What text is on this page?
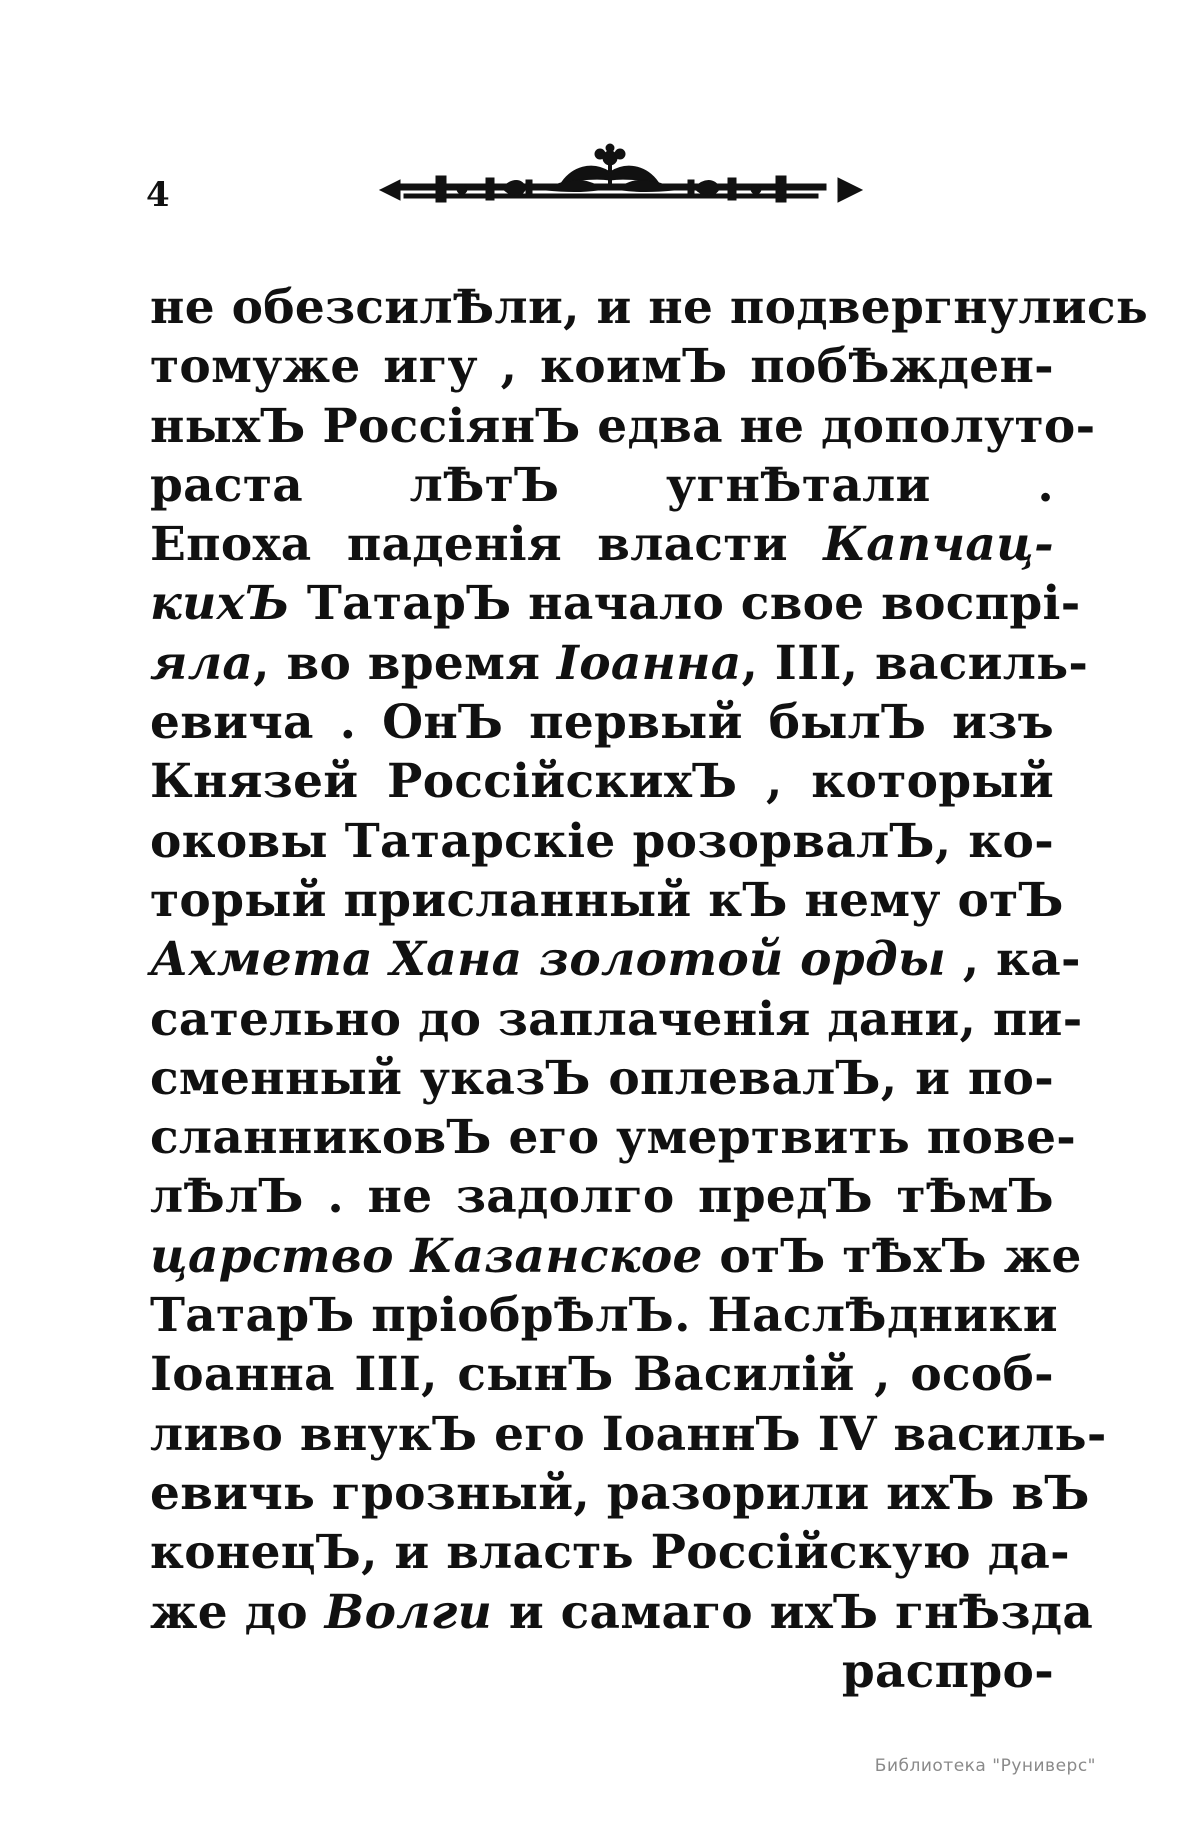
4
не обезсилѢли, и не подвергнулись
томужe игу , коимЪ побѢжден-
ныхЪ РоссiянЪ едва не дополуто-
раста лѢтЪ угнѢтали .
Епоха паденiя власти Капчац-
кихЪ ТатарЪ начало свое воспрi-
яла, во время Iоанна, III, василь-
евича . ОнЪ первый былЪ изъ
Князей РоссiйскихЪ , который
оковы Татарскiе розорвалЪ, ко-
торый присланный кЪ нему отЪ
Ахмета Хана золотой орды , ка-
сательно до заплаченiя дани, пи-
сменный указЪ оплевалЪ, и по-
сланниковЪ его умертвить пове-
лѢлЪ . не задолго предЪ тѢмЪ
царство Казанское отЪ тѢхЪ же
ТатарЪ прiобрѢлЪ. НаслѢдники
Iоанна III, сынЪ Василiй , особ-
ливо внукЪ его IоаннЪ IV василь-
евичь грозный, разорили ихЪ вЪ
конецЪ, и власть Россiйскую да-
же до Волги и самаго ихЪ гнѢзда
распро-
Библиотека "Руниверс"
